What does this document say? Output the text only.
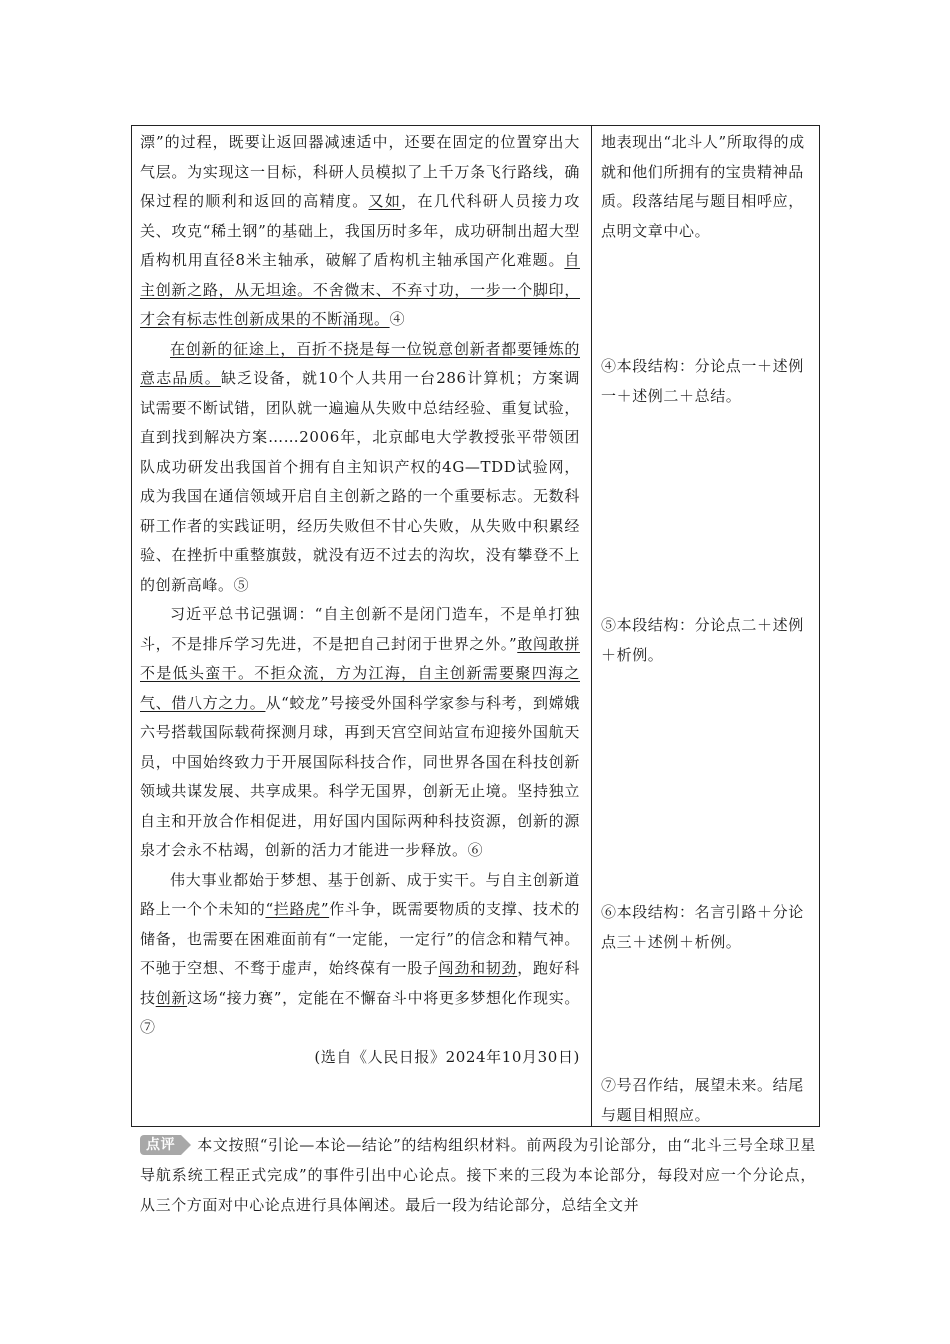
漂”的过程，既要让返回器减速适中，还要在固定的位置穿出大气层。为实现这一目标，科研人员模拟了上千万条飞行路线，确保过程的顺利和返回的高精度。又如，在几代科研人员接力攻关、攻克“稀土钢”的基础上，我国历时多年，成功研制出超大型盾构机用直径8米主轴承，破解了盾构机主轴承国产化难题。自主创新之路，从无坦途。不舍微末、不弃寸功，一步一个脚印，才会有标志性创新成果的不断涌现。④

在创新的征途上，百折不挠是每一位锐意创新者都要锤炼的意志品质。缺乏设备，就10个人共用一台286计算机；方案调试需要不断试错，团队就一遍遍从失败中总结经验、重复试验，直到找到解决方案……2006年，北京邮电大学教授张平带领团队成功研发出我国首个拥有自主知识产权的4G—TDD试验网，成为我国在通信领域开启自主创新之路的一个重要标志。无数科研工作者的实践证明，经历失败但不甘心失败，从失败中积累经验、在挫折中重整旗鼓，就没有迈不过去的沟坎，没有攀登不上的创新高峰。⑤

习近平总书记强调：“自主创新不是闭门造车，不是单打独斗，不是排斥学习先进，不是把自己封闭于世界之外。”敢闯敢拼不是低头蛮干。不拒众流，方为江海，自主创新需要聚四海之气、借八方之力。从“蛟龙”号接受外国科学家参与科考，到嫦娥六号搭载国际载荷探测月球，再到天宫空间站宣布迎接外国航天员，中国始终致力于开展国际科技合作，同世界各国在科技创新领域共谋发展、共享成果。科学无国界，创新无止境。坚持独立自主和开放合作相促进，用好国内国际两种科技资源，创新的源泉才会永不枯竭，创新的活力才能进一步释放。⑥

伟大事业都始于梦想、基于创新、成于实干。与自主创新道路上一个个未知的“拦路虎”作斗争，既需要物质的支撑、技术的储备，也需要在困难面前有“一定能，一定行”的信念和精气神。不驰于空想、不骛于虚声，始终葆有一股子闯劲和韧劲，跑好科技创新这场“接力赛”，定能在不懈奋斗中将更多梦想化作现实。⑦

(选自《人民日报》2024年10月30日)

地表现出“北斗人”所取得的成就和他们所拥有的宝贵精神品质。段落结尾与题目相呼应，点明文章中心。
④本段结构：分论点一＋述例一＋述例二＋总结。
⑤本段结构：分论点二＋述例＋析例。
⑥本段结构：名言引路＋分论点三＋述例＋析例。
⑦号召作结，展望未来。结尾与题目相照应。
点评 本文按照“引论—本论—结论”的结构组织材料。前两段为引论部分，由“北斗三号全球卫星导航系统工程正式完成”的事件引出中心论点。接下来的三段为本论部分，每段对应一个分论点，从三个方面对中心论点进行具体阐述。最后一段为结论部分，总结全文并
